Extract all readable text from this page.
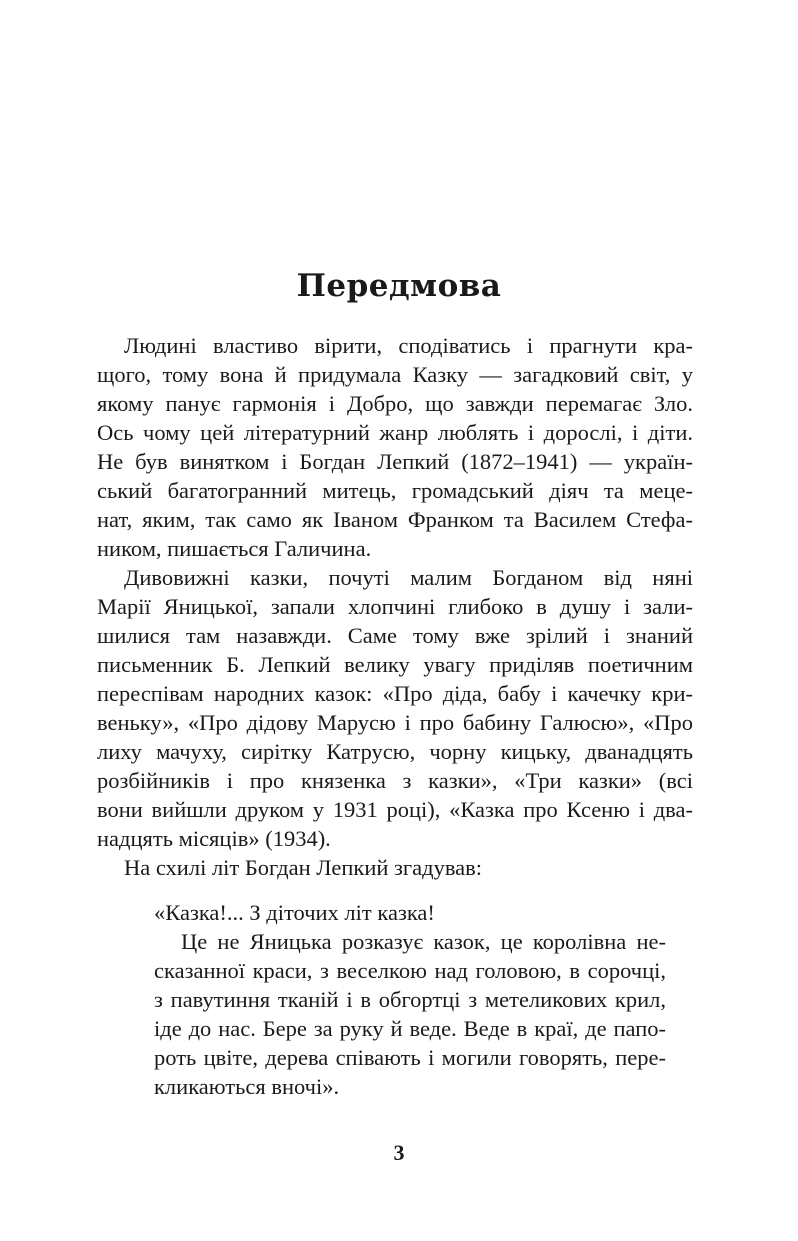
Передмова
Людині властиво вірити, сподіватись і прагнути кра-
щого, тому вона й придумала Казку — загадковий світ, у
якому панує гармонія і Добро, що завжди перемагає Зло.
Ось чому цей літературний жанр люблять і дорослі, і діти.
Не був винятком і Богдан Лепкий (1872–1941) — україн-
ський багатогранний митець, громадський діяч та меце-
нат, яким, так само як Іваном Франком та Василем Стефа-
ником, пишається Галичина.
Дивовижні казки, почуті малим Богданом від няні
Марії Яницької, запали хлопчині глибоко в душу і зали-
шилися там назавжди. Саме тому вже зрілий і знаний
письменник Б. Лепкий велику увагу приділяв поетичним
переспівам народних казок: «Про діда, бабу і качечку кри-
веньку», «Про дідову Марусю і про бабину Галюсю», «Про
лиху мачуху, сирітку Катрусю, чорну кицьку, дванадцять
розбійників і про князенка з казки», «Три казки» (всі
вони вийшли друком у 1931 році), «Казка про Ксеню і два-
надцять місяців» (1934).
На схилі літ Богдан Лепкий згадував:
«Казка!... З діточих літ казка!
Це не Яницька розказує казок, це королівна не-
сказанної краси, з веселкою над головою, в сорочці,
з павутиння тканій і в обгортці з метеликових крил,
іде до нас. Бере за руку й веде. Веде в краї, де папо-
роть цвіте, дерева співають і могили говорять, пере-
кликаються вночі».
3
